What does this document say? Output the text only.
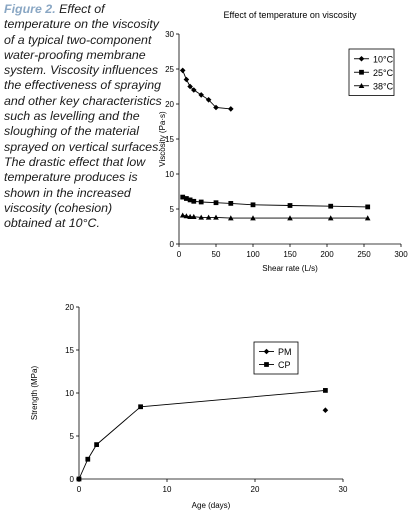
Figure 2. Effect of temperature on the viscosity of a typical two-component water-proofing membrane system. Viscosity influences the effectiveness of spraying and other key characteristics such as levelling and the sloughing of the material sprayed on vertical surfaces. The drastic effect that low temperature produces is shown in the increased viscosity (cohesion) obtained at 10°C.
Effect of temperature on viscosity
0
5
10
15
20
25
30
0	50	100	150	200	250	300
Shear rate (L/s)
Viscosity (Pa·s)
10°C
25°C
38°C
0
5
10
15
20
0	10	20	30
Age (days)
Strength (MPa)
PM
CP
